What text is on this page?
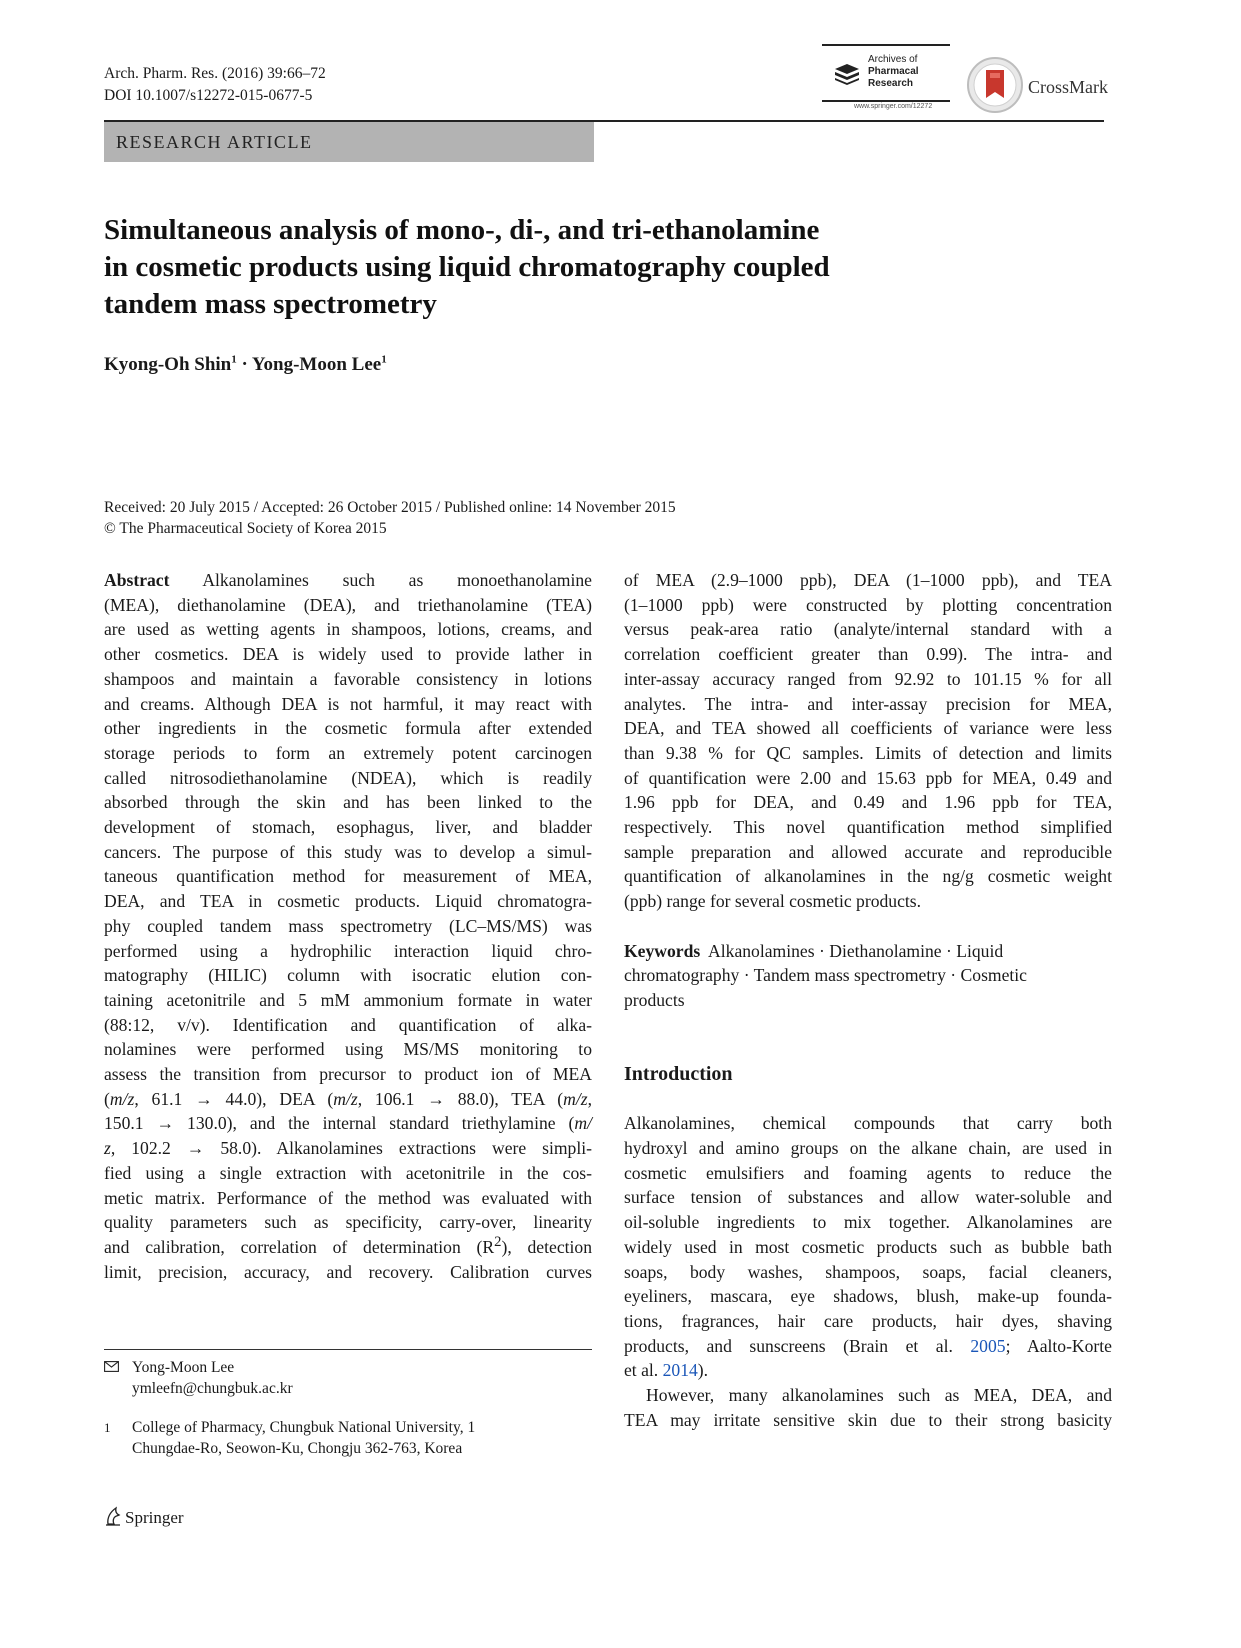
Arch. Pharm. Res. (2016) 39:66–72
DOI 10.1007/s12272-015-0677-5
Archives of
Pharmacal
Research
www.springer.com/12272
CrossMark
RESEARCH ARTICLE
Simultaneous analysis of mono-, di-, and tri-ethanolamine
in cosmetic products using liquid chromatography coupled
tandem mass spectrometry
Kyong-Oh Shin$^1$ · Yong-Moon Lee$^1$
Received: 20 July 2015 / Accepted: 26 October 2015 / Published online: 14 November 2015
© The Pharmaceutical Society of Korea 2015
Abstract Alkanolamines such as monoethanolamine
(MEA), diethanolamine (DEA), and triethanolamine (TEA)
are used as wetting agents in shampoos, lotions, creams, and
other cosmetics. DEA is widely used to provide lather in
shampoos and maintain a favorable consistency in lotions
and creams. Although DEA is not harmful, it may react with
other ingredients in the cosmetic formula after extended
storage periods to form an extremely potent carcinogen
called nitrosodiethanolamine (NDEA), which is readily
absorbed through the skin and has been linked to the
development of stomach, esophagus, liver, and bladder
cancers. The purpose of this study was to develop a simul-
taneous quantification method for measurement of MEA,
DEA, and TEA in cosmetic products. Liquid chromatogra-
phy coupled tandem mass spectrometry (LC–MS/MS) was
performed using a hydrophilic interaction liquid chro-
matography (HILIC) column with isocratic elution con-
taining acetonitrile and 5 mM ammonium formate in water
(88:12, v/v). Identification and quantification of alka-
nolamines were performed using MS/MS monitoring to
assess the transition from precursor to product ion of MEA
(m/z, 61.1 → 44.0), DEA (m/z, 106.1 → 88.0), TEA (m/z,
150.1 → 130.0), and the internal standard triethylamine (m/
z, 102.2 → 58.0). Alkanolamines extractions were simpli-
fied using a single extraction with acetonitrile in the cos-
metic matrix. Performance of the method was evaluated with
quality parameters such as specificity, carry-over, linearity
and calibration, correlation of determination $(R^2)$, detection
limit, precision, accuracy, and recovery. Calibration curves
of MEA (2.9–1000 ppb), DEA (1–1000 ppb), and TEA
(1–1000 ppb) were constructed by plotting concentration
versus peak-area ratio (analyte/internal standard with a
correlation coefficient greater than 0.99). The intra- and
inter-assay accuracy ranged from 92.92 to 101.15 % for all
analytes. The intra- and inter-assay precision for MEA,
DEA, and TEA showed all coefficients of variance were less
than 9.38 % for QC samples. Limits of detection and limits
of quantification were 2.00 and 15.63 ppb for MEA, 0.49 and
1.96 ppb for DEA, and 0.49 and 1.96 ppb for TEA,
respectively. This novel quantification method simplified
sample preparation and allowed accurate and reproducible
quantification of alkanolamines in the ng/g cosmetic weight
(ppb) range for several cosmetic products.
Keywords  Alkanolamines · Diethanolamine · Liquid
chromatography · Tandem mass spectrometry · Cosmetic
products
Introduction
Alkanolamines, chemical compounds that carry both
hydroxyl and amino groups on the alkane chain, are used in
cosmetic emulsifiers and foaming agents to reduce the
surface tension of substances and allow water-soluble and
oil-soluble ingredients to mix together. Alkanolamines are
widely used in most cosmetic products such as bubble bath
soaps, body washes, shampoos, soaps, facial cleaners,
eyeliners, mascara, eye shadows, blush, make-up founda-
tions, fragrances, hair care products, hair dyes, shaving
products, and sunscreens (Brain et al. 2005; Aalto-Korte
et al. 2014).
However, many alkanolamines such as MEA, DEA, and
TEA may irritate sensitive skin due to their strong basicity
Yong-Moon Lee
ymleefn@chungbuk.ac.kr
1 College of Pharmacy, Chungbuk National University, 1
Chungdae-Ro, Seowon-Ku, Chongju 362-763, Korea
Springer
